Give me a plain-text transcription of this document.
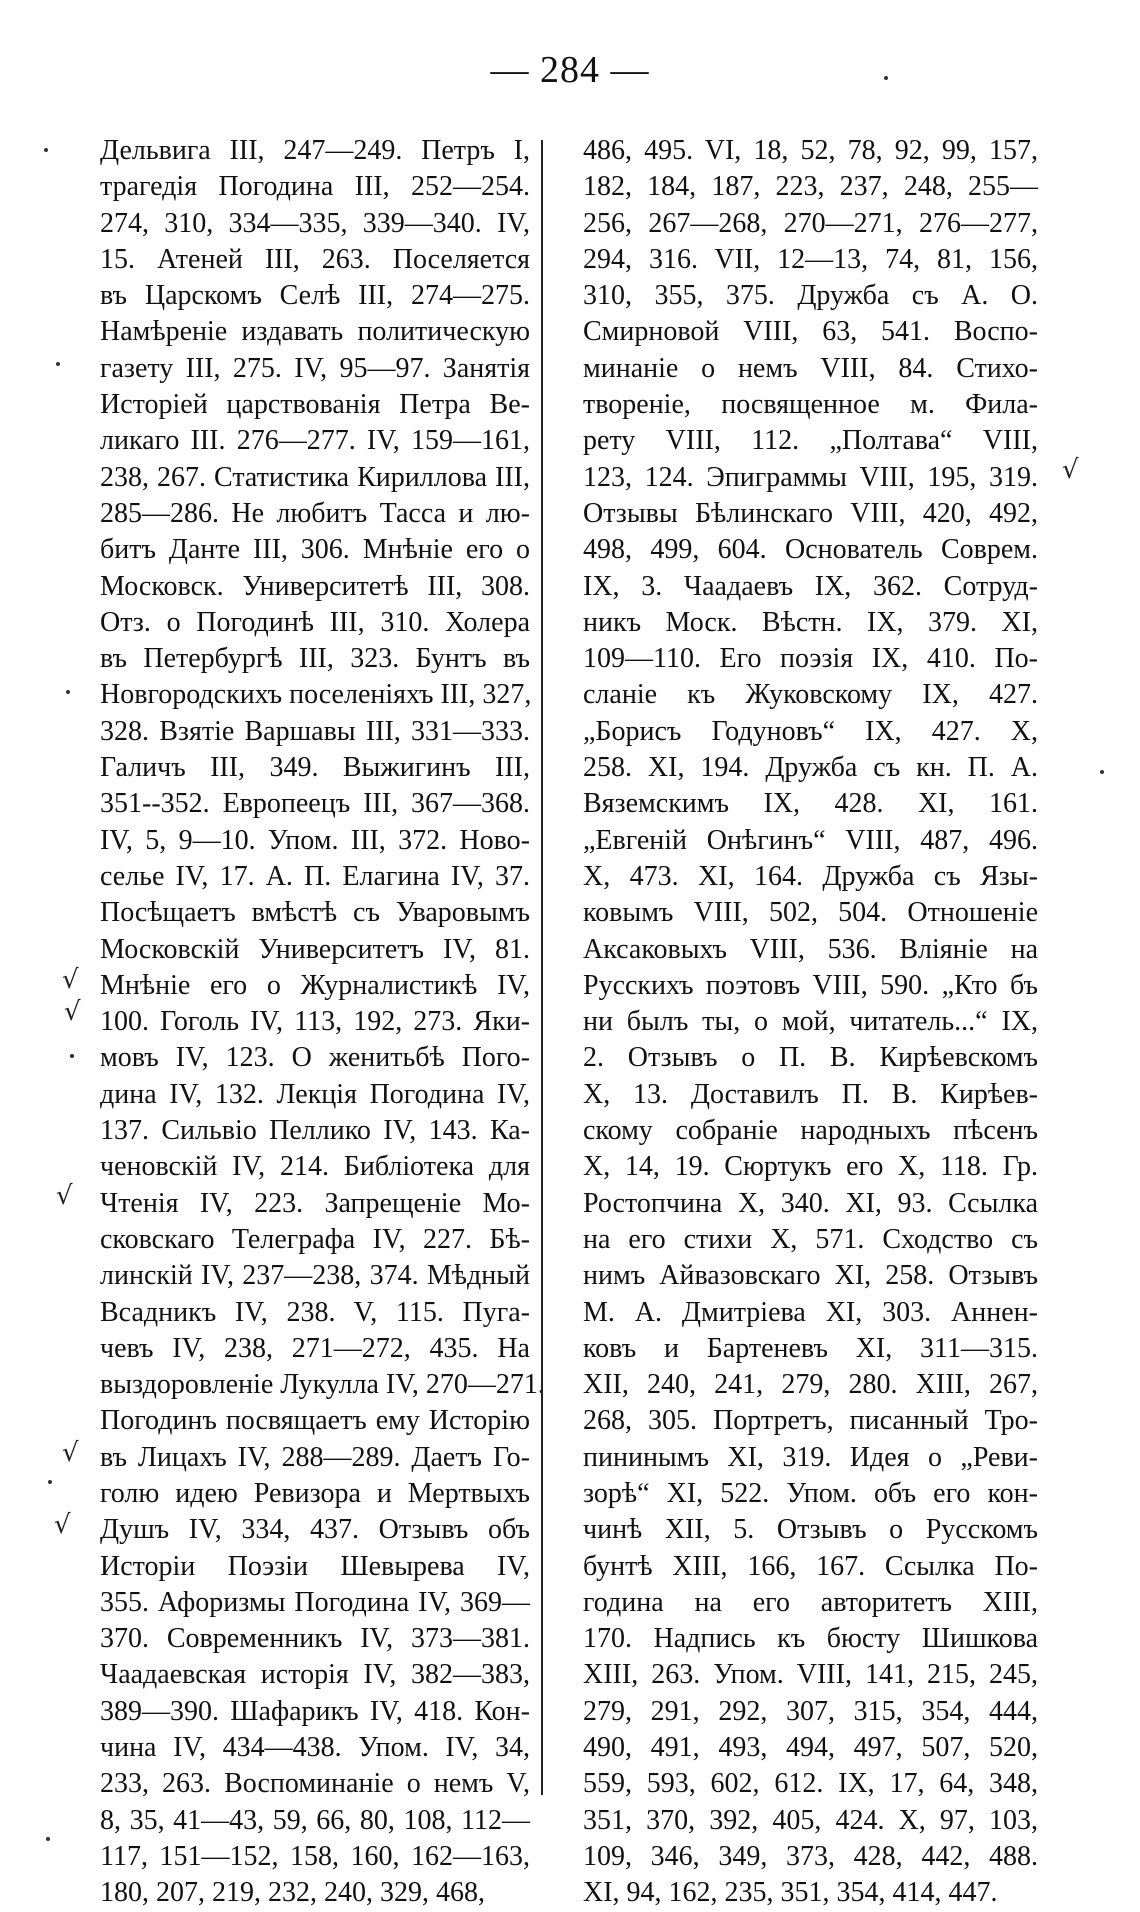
— 284 —
Дельвига III, 247—249. Петръ I,
трагедія Погодина III, 252—254.
274, 310, 334—335, 339—340. IV,
15. Атеней III, 263. Поселяется
въ Царскомъ Селѣ III, 274—275.
Намѣреніе издавать политическую
газету III, 275. IV, 95—97. Занятія
Исторіей царствованія Петра Ве-
ликаго III. 276—277. IV, 159—161,
238, 267. Статистика Кириллова III,
285—286. Не любитъ Тасса и лю-
битъ Данте III, 306. Мнѣніе его о
Московск. Университетѣ III, 308.
Отз. о Погодинѣ III, 310. Холера
въ Петербургѣ III, 323. Бунтъ въ
Новгородскихъ поселеніяхъ III, 327,
328. Взятіе Варшавы III, 331—333.
Галичъ III, 349. Выжигинъ III,
351--352. Европеецъ III, 367—368.
IV, 5, 9—10. Упом. III, 372. Ново-
селье IV, 17. А. П. Елагина IV, 37.
Посѣщаетъ вмѣстѣ съ Уваровымъ
Московскій Университетъ IV, 81.
Мнѣніе его о Журналистикѣ IV,
100. Гоголь IV, 113, 192, 273. Яки-
мовъ IV, 123. О женитьбѣ Пого-
дина IV, 132. Лекція Погодина IV,
137. Сильвіо Пеллико IV, 143. Ка-
ченовскій IV, 214. Библіотека для
Чтенія IV, 223. Запрещеніе Мо-
сковскаго Телеграфа IV, 227. Бѣ-
линскій IV, 237—238, 374. Мѣдный
Всадникъ IV, 238. V, 115. Пуга-
чевъ IV, 238, 271—272, 435. На
выздоровленіе Лукулла IV, 270—271.
Погодинъ посвящаетъ ему Исторію
въ Лицахъ IV, 288—289. Даетъ Го-
голю идею Ревизора и Мертвыхъ
Душъ IV, 334, 437. Отзывъ объ
Исторіи Поэзіи Шевырева IV,
355. Афоризмы Погодина IV, 369—
370. Современникъ IV, 373—381.
Чаадаевская исторія IV, 382—383,
389—390. Шафарикъ IV, 418. Кон-
чина IV, 434—438. Упом. IV, 34,
233, 263. Воспоминаніе о немъ V,
8, 35, 41—43, 59, 66, 80, 108, 112—
117, 151—152, 158, 160, 162—163,
180, 207, 219, 232, 240, 329, 468,
486, 495. VI, 18, 52, 78, 92, 99, 157,
182, 184, 187, 223, 237, 248, 255—
256, 267—268, 270—271, 276—277,
294, 316. VII, 12—13, 74, 81, 156,
310, 355, 375. Дружба съ А. О.
Смирновой VIII, 63, 541. Воспо-
минаніе о немъ VIII, 84. Стихо-
твореніе, посвященное м. Фила-
рету VIII, 112. „Полтава“ VIII,
123, 124. Эпиграммы VIII, 195, 319.
Отзывы Бѣлинскаго VIII, 420, 492,
498, 499, 604. Основатель Соврем.
IX, 3. Чаадаевъ IX, 362. Сотруд-
никъ Моск. Вѣстн. IX, 379. XI,
109—110. Его поэзія IX, 410. По-
сланіе къ Жуковскому IX, 427.
„Борисъ Годуновъ“ IX, 427. X,
258. XI, 194. Дружба съ кн. П. А.
Вяземскимъ IX, 428. XI, 161.
„Евгеній Онѣгинъ“ VIII, 487, 496.
X, 473. XI, 164. Дружба съ Язы-
ковымъ VIII, 502, 504. Отношеніе
Аксаковыхъ VIII, 536. Вліяніе на
Русскихъ поэтовъ VIII, 590. „Кто бъ
ни былъ ты, о мой, читатель...“ IX,
2. Отзывъ о П. В. Кирѣевскомъ
X, 13. Доставилъ П. В. Кирѣев-
скому собраніе народныхъ пѣсенъ
X, 14, 19. Сюртукъ его X, 118. Гр.
Ростопчина X, 340. XI, 93. Ссылка
на его стихи X, 571. Сходство съ
нимъ Айвазовскаго XI, 258. Отзывъ
М. А. Дмитріева XI, 303. Аннен-
ковъ и Бартеневъ XI, 311—315.
XII, 240, 241, 279, 280. XIII, 267,
268, 305. Портретъ, писанный Тро-
пининымъ XI, 319. Идея о „Реви-
зорѣ“ XI, 522. Упом. объ его кон-
чинѣ XII, 5. Отзывъ о Русскомъ
бунтѣ XIII, 166, 167. Ссылка По-
година на его авторитетъ XIII,
170. Надпись къ бюсту Шишкова
XIII, 263. Упом. VIII, 141, 215, 245,
279, 291, 292, 307, 315, 354, 444,
490, 491, 493, 494, 497, 507, 520,
559, 593, 602, 612. IX, 17, 64, 348,
351, 370, 392, 405, 424. X, 97, 103,
109, 346, 349, 373, 428, 442, 488.
XI, 94, 162, 235, 351, 354, 414, 447.
√
√
√
√
√
√
